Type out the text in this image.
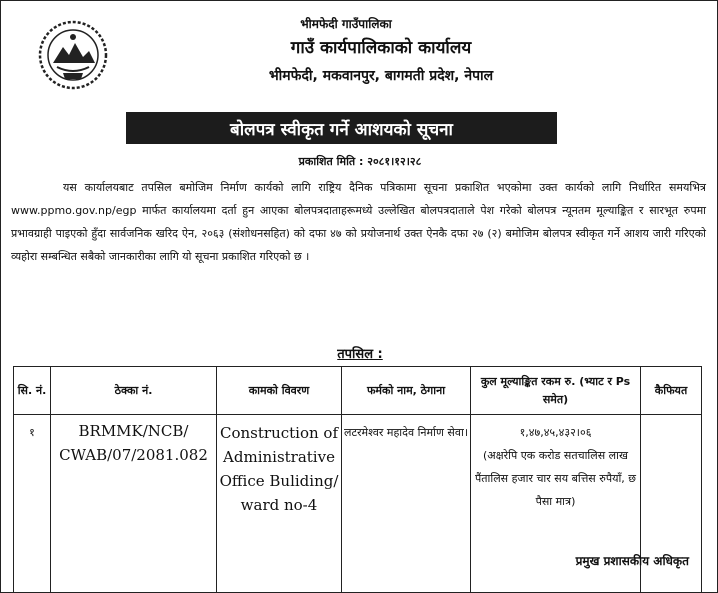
भीमफेदी गाउँपालिका
गाउँ कार्यपालिकाको कार्यालय
भीमफेदी, मकवानपुर, बागमती प्रदेश, नेपाल
बोलपत्र स्वीकृत गर्ने आशयको सूचना
प्रकाशित मिति : २०८१।१२।२८

यस कार्यालयबाट तपसिल बमोजिम निर्माण कार्यको लागि राष्ट्रिय दैनिक पत्रिकामा सूचना प्रकाशित भएकोमा उक्त कार्यको लागि निर्धारित समयभित्र www.ppmo.gov.np/egp मार्फत कार्यालयमा दर्ता हुन आएका बोलपत्रदाताहरूमध्ये उल्लेखित बोलपत्रदाताले पेश गरेको बोलपत्र न्यूनतम मूल्याङ्कित र सारभूत रुपमा प्रभावग्राही पाइएको हुँदा सार्वजनिक खरिद ऐन, २०६३ (संशोधनसहित) को दफा ४७ को प्रयोजनार्थ उक्त ऐनकै दफा २७ (२) बमोजिम बोलपत्र स्वीकृत गर्ने आशय जारी गरिएको व्यहोरा सम्बन्धित सबैको जानकारीका लागि यो सूचना प्रकाशित गरिएको छ ।

तपसिल :
सि. नं.	ठेक्का नं.	कामको विवरण	फर्मको नाम, ठेगाना	कुल मूल्याङ्कित रकम रु. (भ्याट र Ps समेत)	कैफियत
१	BRMMK/NCB/ CWAB/07/2081.082	Construction of Administrative Office Buliding/ ward no-4	लटरमेश्वर महादेव निर्माण सेवा।	१,४७,४५,४३२।०६
(अक्षरेपि एक करोड सतचालिस लाख पैंतालिस हजार चार सय बत्तिस रुपैयाँ, छ पैसा मात्र)	

प्रमुख प्रशासकीय अधिकृत
